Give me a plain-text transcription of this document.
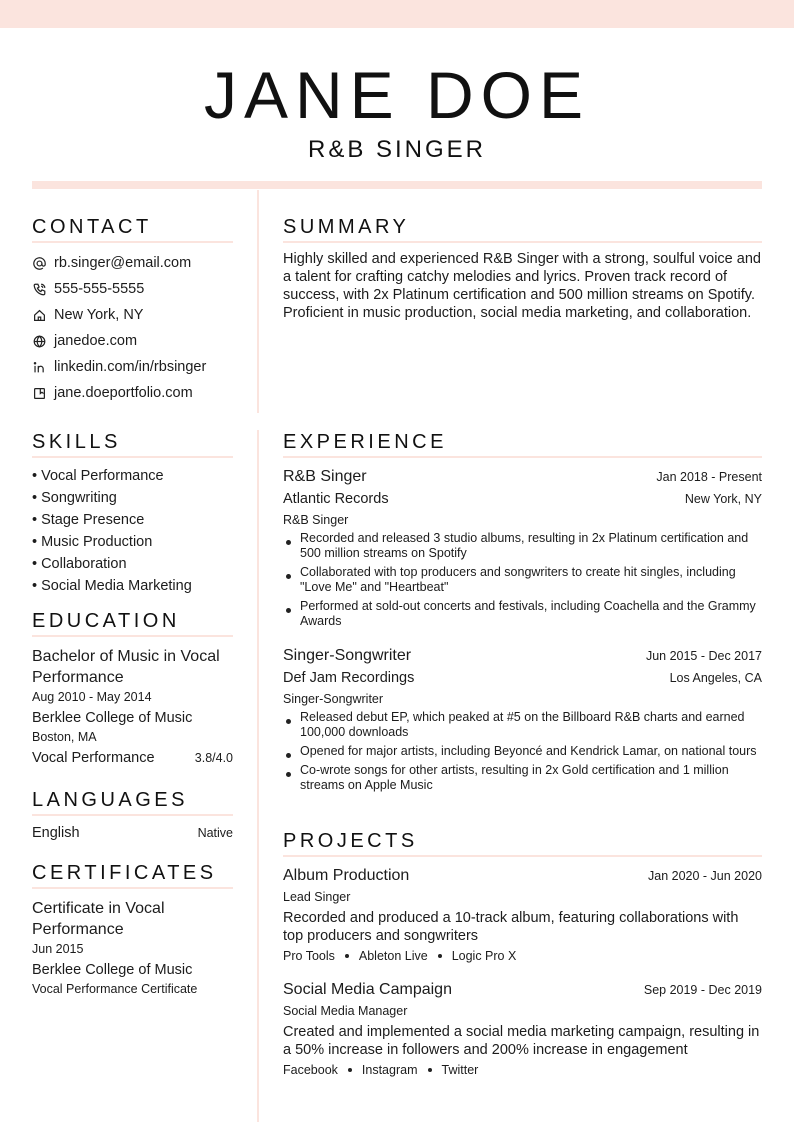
JANE DOE
R&B SINGER
CONTACT
rb.singer@email.com
555-555-5555
New York, NY
janedoe.com
linkedin.com/in/rbsinger
jane.doeportfolio.com
SUMMARY

Highly skilled and experienced R&B Singer with a strong, soulful voice and a talent for crafting catchy melodies and lyrics. Proven track record of success, with 2x Platinum certification and 500 million streams on Spotify. Proficient in music production, social media marketing, and collaboration.

SKILLS
• Vocal Performance
• Songwriting
• Stage Presence
• Music Production
• Collaboration
• Social Media Marketing
EDUCATION
Bachelor of Music in Vocal Performance
Aug 2010 - May 2014
Berklee College of Music
Boston, MA
Vocal Performance	3.8/4.0
LANGUAGES
English	Native
CERTIFICATES
Certificate in Vocal Performance
Jun 2015
Berklee College of Music
Vocal Performance Certificate
EXPERIENCE
R&B Singer	Jan 2018 - Present
Atlantic Records	New York, NY
R&B Singer
Recorded and released 3 studio albums, resulting in 2x Platinum certification and 500 million streams on Spotify
Collaborated with top producers and songwriters to create hit singles, including "Love Me" and "Heartbeat"
Performed at sold-out concerts and festivals, including Coachella and the Grammy Awards
Singer-Songwriter	Jun 2015 - Dec 2017
Def Jam Recordings	Los Angeles, CA
Singer-Songwriter
Released debut EP, which peaked at #5 on the Billboard R&B charts and earned 100,000 downloads
Opened for major artists, including Beyoncé and Kendrick Lamar, on national tours
Co-wrote songs for other artists, resulting in 2x Gold certification and 1 million streams on Apple Music
PROJECTS
Album Production	Jan 2020 - Jun 2020
Lead Singer
Recorded and produced a 10-track album, featuring collaborations with top producers and songwriters
Pro Tools Ableton Live Logic Pro X
Social Media Campaign	Sep 2019 - Dec 2019
Social Media Manager
Created and implemented a social media marketing campaign, resulting in a 50% increase in followers and 200% increase in engagement
Facebook Instagram Twitter
